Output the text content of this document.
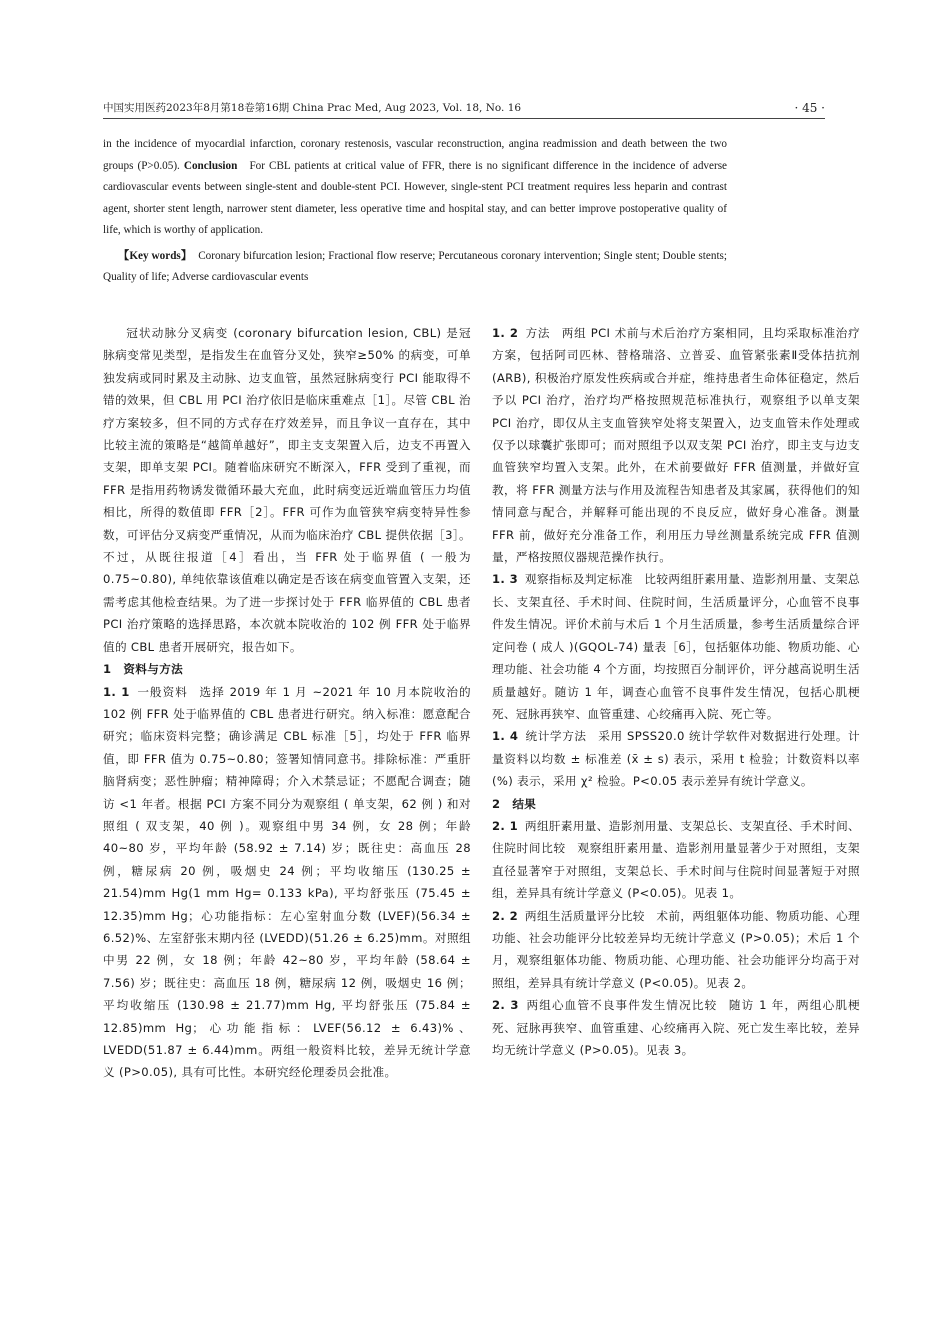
中国实用医药2023年8月第18卷第16期 China Prac Med, Aug 2023, Vol. 18, No. 16	· 45 ·

in the incidence of myocardial infarction, coronary restenosis, vascular reconstruction, angina readmission and death between the two groups (P>0.05). Conclusion For CBL patients at critical value of FFR, there is no significant difference in the incidence of adverse cardiovascular events between single-stent and double-stent PCI. However, single-stent PCI treatment requires less heparin and contrast agent, shorter stent length, narrower stent diameter, less operative time and hospital stay, and can better improve postoperative quality of life, which is worthy of application.

【Key words】 Coronary bifurcation lesion; Fractional flow reserve; Percutaneous coronary intervention; Single stent; Double stents; Quality of life; Adverse cardiovascular events

冠状动脉分叉病变 (coronary bifurcation lesion, CBL) 是冠脉病变常见类型，是指发生在血管分叉处，狭窄≥50% 的病变，可单独发病或同时累及主动脉、边支血管，虽然冠脉病变行 PCI 能取得不错的效果，但 CBL 用 PCI 治疗依旧是临床重难点［1］。尽管 CBL 治疗方案较多，但不同的方式存在疗效差异，而且争议一直存在，其中比较主流的策略是“越简单越好”，即主支支架置入后，边支不再置入支架，即单支架 PCI。随着临床研究不断深入，FFR 受到了重视，而 FFR 是指用药物诱发微循环最大充血，此时病变远近端血管压力均值相比，所得的数值即 FFR［2］。FFR 可作为血管狭窄病变特异性参数，可评估分叉病变严重情况，从而为临床治疗 CBL 提供依据［3］。不过，从既往报道［4］看出，当 FFR 处于临界值 ( 一般为 0.75~0.80), 单纯依靠该值难以确定是否该在病变血管置入支架，还需考虑其他检查结果。为了进一步探讨处于 FFR 临界值的 CBL 患者 PCI 治疗策略的选择思路，本次就本院收治的 102 例 FFR 处于临界值的 CBL 患者开展研究，报告如下。

1　资料与方法

1. 1 一般资料 选择 2019 年 1 月 ~2021 年 10 月本院收治的 102 例 FFR 处于临界值的 CBL 患者进行研究。纳入标准：愿意配合研究；临床资料完整；确诊满足 CBL 标准［5］，均处于 FFR 临界值，即 FFR 值为 0.75~0.80；签署知情同意书。排除标准：严重肝脑肾病变；恶性肿瘤；精神障碍；介入术禁忌证；不愿配合调查；随访 <1 年者。根据 PCI 方案不同分为观察组 ( 单支架，62 例 ) 和对照组 ( 双支架，40 例 )。观察组中男 34 例，女 28 例；年龄 40~80 岁，平均年龄 (58.92 ± 7.14) 岁；既往史：高血压 28 例，糖尿病 20 例，吸烟史 24 例；平均收缩压 (130.25 ± 21.54)mm Hg(1 mm Hg= 0.133 kPa), 平均舒张压 (75.45 ± 12.35)mm Hg；心功能指标：左心室射血分数 (LVEF)(56.34 ± 6.52)%、左室舒张末期内径 (LVEDD)(51.26 ± 6.25)mm。对照组中男 22 例，女 18 例；年龄 42~80 岁，平均年龄 (58.64 ± 7.56) 岁；既往史：高血压 18 例，糖尿病 12 例，吸烟史 16 例；平均收缩压 (130.98 ± 21.77)mm Hg, 平均舒张压 (75.84 ± 12.85)mm Hg；心功能指标：LVEF(56.12 ± 6.43)%、LVEDD(51.87 ± 6.44)mm。两组一般资料比较，差异无统计学意义 (P>0.05), 具有可比性。本研究经伦理委员会批准。

1. 2 方法 两组 PCI 术前与术后治疗方案相同，且均采取标准治疗方案，包括阿司匹林、替格瑞洛、立普妥、血管紧张素Ⅱ受体拮抗剂 (ARB), 积极治疗原发性疾病或合并症，维持患者生命体征稳定，然后予以 PCI 治疗，治疗均严格按照规范标准执行，观察组予以单支架 PCI 治疗，即仅从主支血管狭窄处将支架置入，边支血管未作处理或仅予以球囊扩张即可；而对照组予以双支架 PCI 治疗，即主支与边支血管狭窄均置入支架。此外，在术前要做好 FFR 值测量，并做好宣教，将 FFR 测量方法与作用及流程告知患者及其家属，获得他们的知情同意与配合，并解释可能出现的不良反应，做好身心准备。测量 FFR 前，做好充分准备工作，利用压力导丝测量系统完成 FFR 值测量，严格按照仪器规范操作执行。

1. 3 观察指标及判定标准 比较两组肝素用量、造影剂用量、支架总长、支架直径、手术时间、住院时间，生活质量评分，心血管不良事件发生情况。评价术前与术后 1 个月生活质量，参考生活质量综合评定问卷 ( 成人 )(GQOL-74) 量表［6］，包括躯体功能、物质功能、心理功能、社会功能 4 个方面，均按照百分制评价，评分越高说明生活质量越好。随访 1 年，调查心血管不良事件发生情况，包括心肌梗死、冠脉再狭窄、血管重建、心绞痛再入院、死亡等。

1. 4 统计学方法 采用 SPSS20.0 统计学软件对数据进行处理。计量资料以均数 ± 标准差 (x̄ ± s) 表示，采用 t 检验；计数资料以率 (%) 表示，采用 χ² 检验。P<0.05 表示差异有统计学意义。

2　结果

2. 1 两组肝素用量、造影剂用量、支架总长、支架直径、手术时间、住院时间比较 观察组肝素用量、造影剂用量显著少于对照组，支架直径显著窄于对照组，支架总长、手术时间与住院时间显著短于对照组，差异具有统计学意义 (P<0.05)。见表 1。

2. 2 两组生活质量评分比较 术前，两组躯体功能、物质功能、心理功能、社会功能评分比较差异均无统计学意义 (P>0.05)；术后 1 个月，观察组躯体功能、物质功能、心理功能、社会功能评分均高于对照组，差异具有统计学意义 (P<0.05)。见表 2。

2. 3 两组心血管不良事件发生情况比较 随访 1 年，两组心肌梗死、冠脉再狭窄、血管重建、心绞痛再入院、死亡发生率比较，差异均无统计学意义 (P>0.05)。见表 3。
